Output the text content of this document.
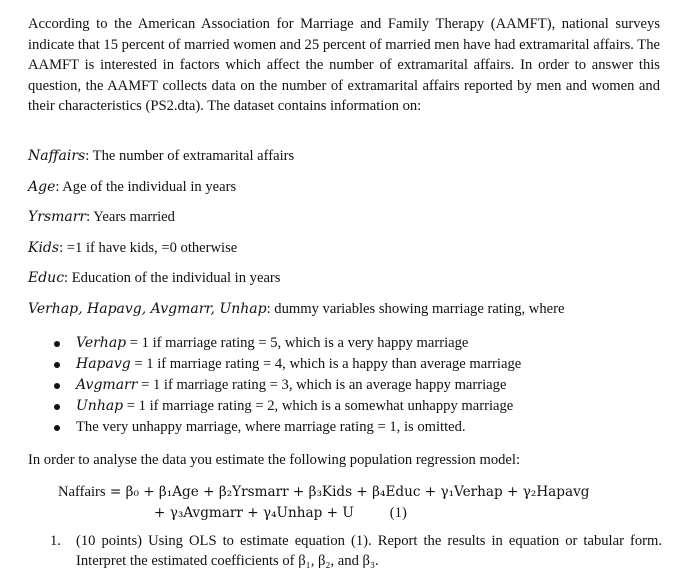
According to the American Association for Marriage and Family Therapy (AAMFT), national surveys indicate that 15 percent of married women and 25 percent of married men have had extramarital affairs. The AAMFT is interested in factors which affect the number of extramarital affairs. In order to answer this question, the AAMFT collects data on the number of extramarital affairs reported by men and women and their characteristics (PS2.dta). The dataset contains information on:

Naffairs: The number of extramarital affairs

Age: Age of the individual in years

Yrsmarr: Years married

Kids: =1 if have kids, =0 otherwise

Educ: Education of the individual in years

Verhap, Hapavg, Avgmarr, Unhap: dummy variables showing marriage rating, where

Verhap = 1 if marriage rating = 5, which is a very happy marriage
Hapavg = 1 if marriage rating = 4, which is a happy than average marriage
Avgmarr = 1 if marriage rating = 3, which is an average happy marriage
Unhap = 1 if marriage rating = 2, which is a somewhat unhappy marriage
The very unhappy marriage, where marriage rating = 1, is omitted.

In order to analyse the data you estimate the following population regression model:

Naffairs = β₀ + β₁Age + β₂Yrsmarr + β₃Kids + β₄Educ + γ₁Verhap + γ₂Hapavg
+ γ₃Avgmarr + γ₄Unhap + U (1)
1. (10 points) Using OLS to estimate equation (1). Report the results in equation or tabular form. Interpret the estimated coefficients of β₁, β₂, and β₃.
